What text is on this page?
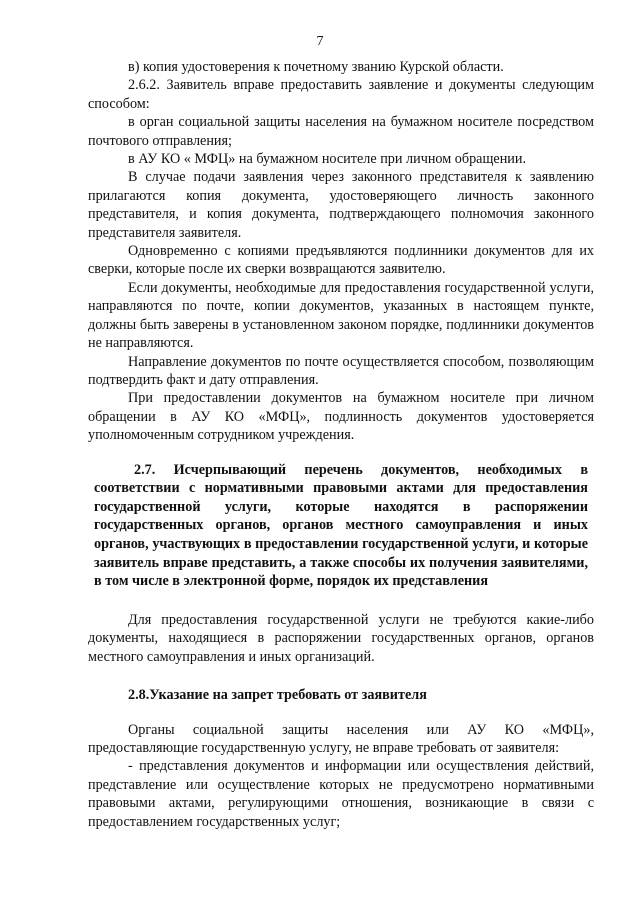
7

в) копия удостоверения к почетному званию Курской области.

2.6.2. Заявитель вправе предоставить заявление и документы следующим способом:

в орган социальной защиты населения на бумажном носителе посредством почтового отправления;

в АУ КО « МФЦ» на бумажном носителе при личном обращении.

В случае подачи заявления через законного представителя к заявлению прилагаются копия документа, удостоверяющего личность законного представителя, и копия документа, подтверждающего полномочия законного представителя заявителя.

Одновременно с копиями предъявляются подлинники документов для их сверки, которые после их сверки возвращаются заявителю.

Если документы, необходимые для предоставления государственной услуги, направляются по почте, копии документов, указанных в настоящем пункте, должны быть заверены в установленном законом порядке, подлинники документов не направляются.

Направление документов по почте осуществляется способом, позволяющим подтвердить факт и дату отправления.

При предоставлении документов на бумажном носителе при личном обращении в АУ КО «МФЦ», подлинность документов удостоверяется уполномоченным сотрудником учреждения.

2.7. Исчерпывающий перечень документов, необходимых в соответствии с нормативными правовыми актами для предоставления государственной услуги, которые находятся в распоряжении государственных органов, органов местного самоуправления и иных органов, участвующих в предоставлении государственной услуги, и которые заявитель вправе представить, а также способы их получения заявителями, в том числе в электронной форме, порядок их представления

Для предоставления государственной услуги не требуются какие-либо документы, находящиеся в распоряжении государственных органов, органов местного самоуправления и иных организаций.

2.8.Указание на запрет требовать от заявителя

Органы социальной защиты населения или АУ КО «МФЦ», предоставляющие государственную услугу, не вправе требовать от заявителя:

- представления документов и информации или осуществления действий, представление или осуществление которых не предусмотрено нормативными правовыми актами, регулирующими отношения, возникающие в связи с предоставлением государственных услуг;
